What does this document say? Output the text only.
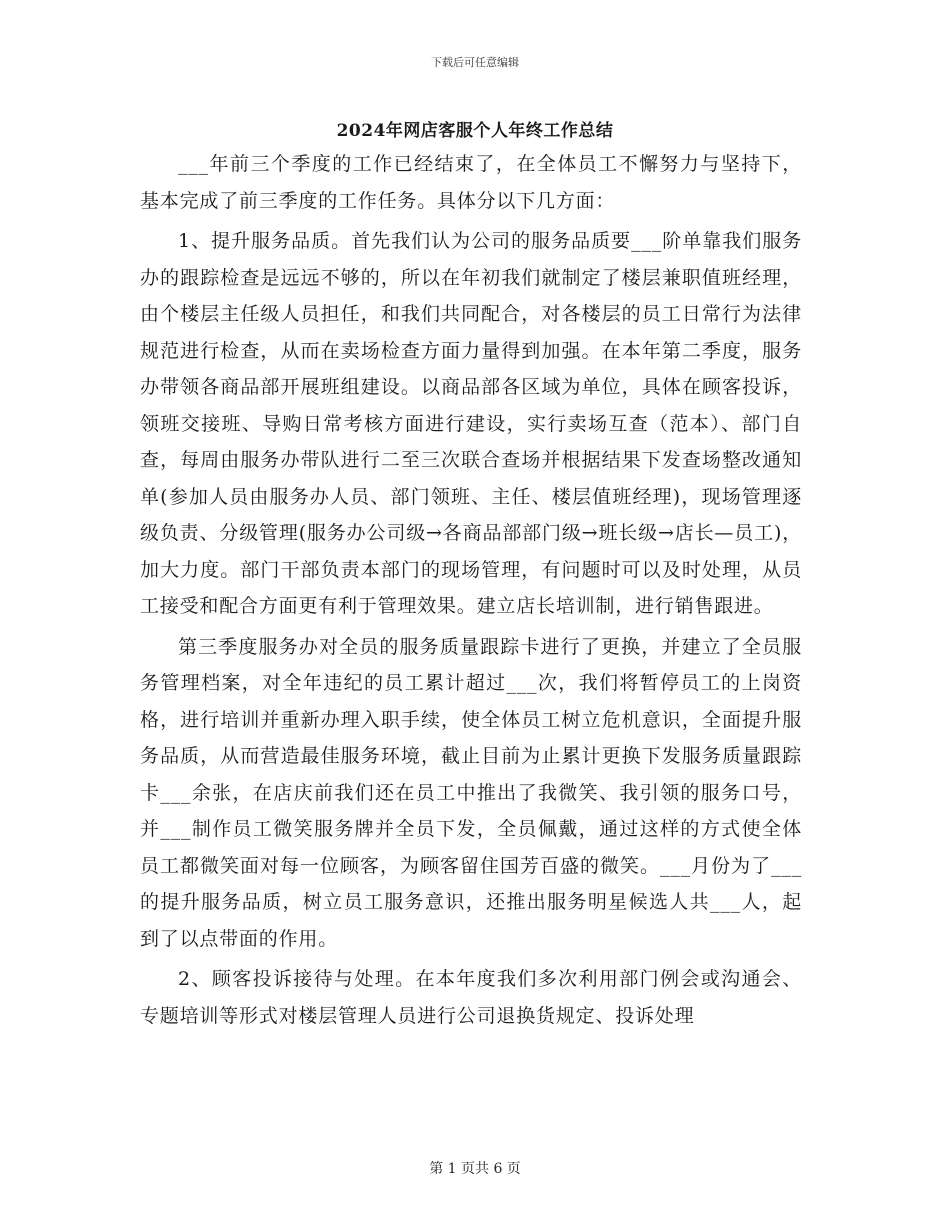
下载后可任意编辑
2024年网店客服个人年终工作总结

___年前三个季度的工作已经结束了，在全体员工不懈努力与坚持下，基本完成了前三季度的工作任务。具体分以下几方面：

1、提升服务品质。首先我们认为公司的服务品质要___阶单靠我们服务办的跟踪检查是远远不够的，所以在年初我们就制定了楼层兼职值班经理，由个楼层主任级人员担任，和我们共同配合，对各楼层的员工日常行为法律规范进行检查，从而在卖场检查方面力量得到加强。在本年第二季度，服务办带领各商品部开展班组建设。以商品部各区域为单位，具体在顾客投诉，领班交接班、导购日常考核方面进行建设，实行卖场互查（范本）、部门自查，每周由服务办带队进行二至三次联合查场并根据结果下发查场整改通知单(参加人员由服务办人员、部门领班、主任、楼层值班经理)，现场管理逐级负责、分级管理(服务办公司级→各商品部部门级→班长级→店长—员工)，加大力度。部门干部负责本部门的现场管理，有问题时可以及时处理，从员工接受和配合方面更有利于管理效果。建立店长培训制，进行销售跟进。

第三季度服务办对全员的服务质量跟踪卡进行了更换，并建立了全员服务管理档案，对全年违纪的员工累计超过___次，我们将暂停员工的上岗资格，进行培训并重新办理入职手续，使全体员工树立危机意识，全面提升服务品质，从而营造最佳服务环境，截止目前为止累计更换下发服务质量跟踪卡___余张，在店庆前我们还在员工中推出了我微笑、我引领的服务口号，并___制作员工微笑服务牌并全员下发，全员佩戴，通过这样的方式使全体员工都微笑面对每一位顾客，为顾客留住国芳百盛的微笑。___月份为了___的提升服务品质，树立员工服务意识，还推出服务明星候选人共___人，起到了以点带面的作用。

2、顾客投诉接待与处理。在本年度我们多次利用部门例会或沟通会、专题培训等形式对楼层管理人员进行公司退换货规定、投诉处理

第 1 页共 6 页
